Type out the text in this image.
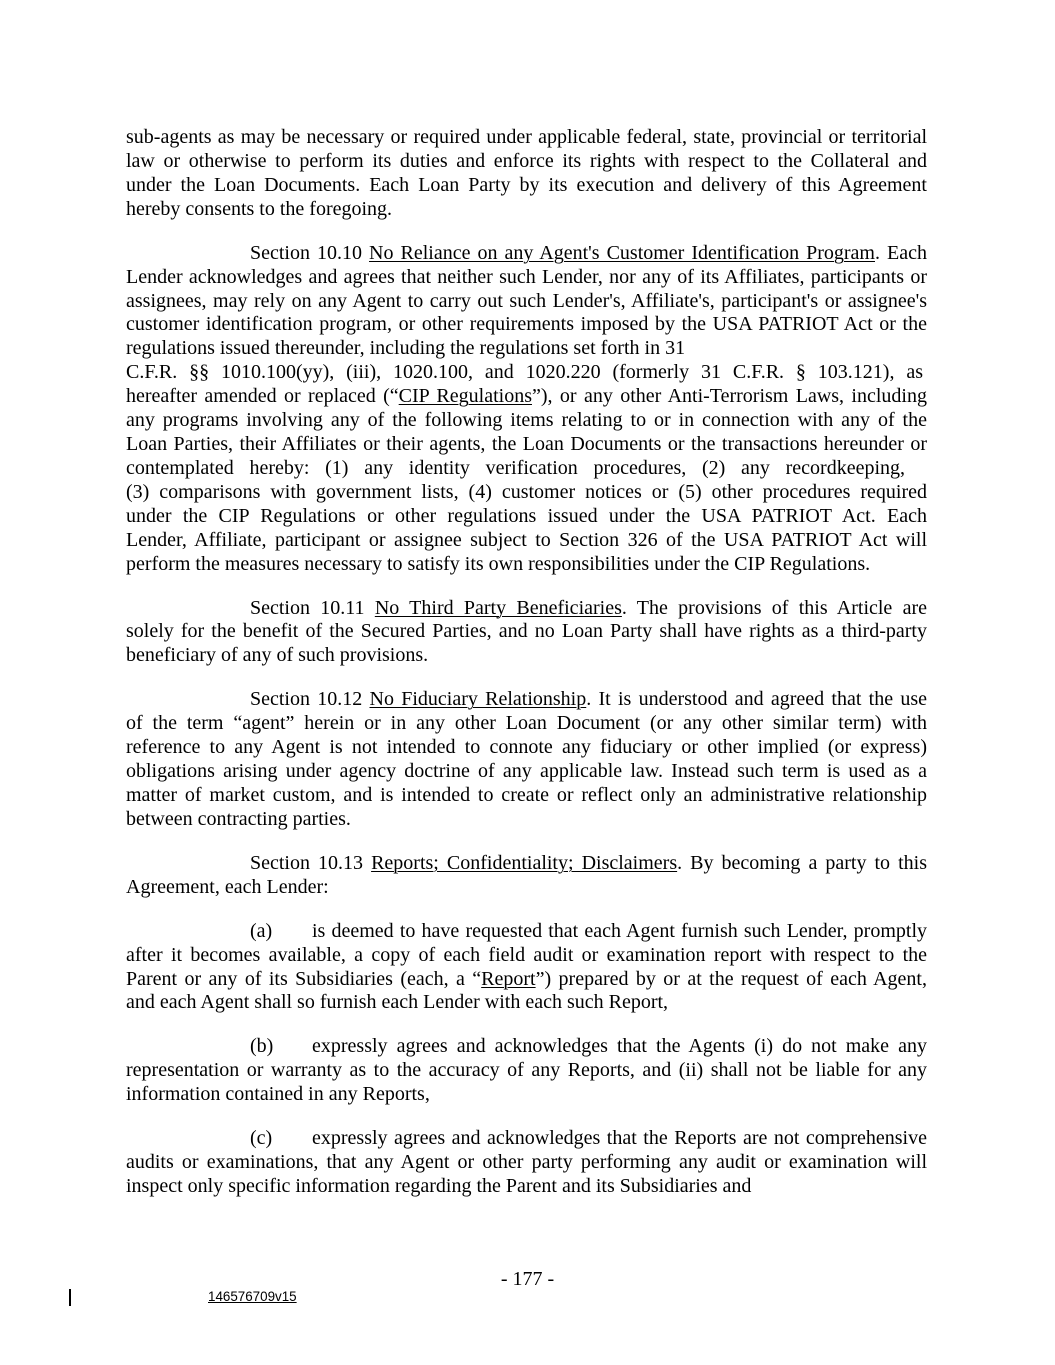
sub-agents as may be necessary or required under applicable federal, state, provincial or territorial
law or otherwise to perform its duties and enforce its rights with respect to the Collateral and
under the Loan Documents. Each Loan Party by its execution and delivery of this Agreement
hereby consents to the foregoing.
Section 10.10 No Reliance on any Agent's Customer Identification Program. Each
Lender acknowledges and agrees that neither such Lender, nor any of its Affiliates, participants or
assignees, may rely on any Agent to carry out such Lender's, Affiliate's, participant's or assignee's
customer identification program, or other requirements imposed by the USA PATRIOT Act or the
regulations issued thereunder, including the regulations set forth in 31
C.F.R. §§ 1010.100(yy), (iii), 1020.100, and 1020.220 (formerly 31 C.F.R. § 103.121), as
hereafter amended or replaced (“CIP Regulations”), or any other Anti-Terrorism Laws, including
any programs involving any of the following items relating to or in connection with any of the
Loan Parties, their Affiliates or their agents, the Loan Documents or the transactions hereunder or
contemplated hereby: (1) any identity verification procedures, (2) any recordkeeping,
(3) comparisons with government lists, (4) customer notices or (5) other procedures required
under the CIP Regulations or other regulations issued under the USA PATRIOT Act. Each
Lender, Affiliate, participant or assignee subject to Section 326 of the USA PATRIOT Act will
perform the measures necessary to satisfy its own responsibilities under the CIP Regulations.
Section 10.11 No Third Party Beneficiaries. The provisions of this Article are
solely for the benefit of the Secured Parties, and no Loan Party shall have rights as a third-party
beneficiary of any of such provisions.
Section 10.12 No Fiduciary Relationship. It is understood and agreed that the use
of the term “agent” herein or in any other Loan Document (or any other similar term) with
reference to any Agent is not intended to connote any fiduciary or other implied (or express)
obligations arising under agency doctrine of any applicable law. Instead such term is used as a
matter of market custom, and is intended to create or reflect only an administrative relationship
between contracting parties.
Section 10.13 Reports; Confidentiality; Disclaimers. By becoming a party to this
Agreement, each Lender:
(a) is deemed to have requested that each Agent furnish such Lender, promptly
after it becomes available, a copy of each field audit or examination report with respect to the
Parent or any of its Subsidiaries (each, a “Report”) prepared by or at the request of each Agent,
and each Agent shall so furnish each Lender with each such Report,
(b) expressly agrees and acknowledges that the Agents (i) do not make any
representation or warranty as to the accuracy of any Reports, and (ii) shall not be liable for any
information contained in any Reports,
(c) expressly agrees and acknowledges that the Reports are not comprehensive
audits or examinations, that any Agent or other party performing any audit or examination will
inspect only specific information regarding the Parent and its Subsidiaries and
- 177 -
146576709v15
